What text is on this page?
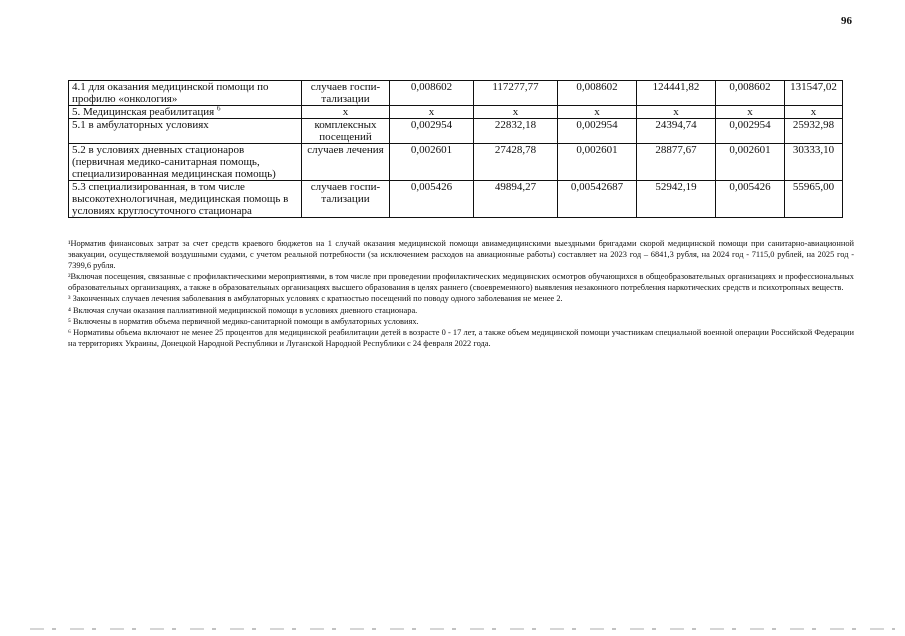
96
4.1 для оказания медицинской помощи по профилю «онкология»	случаев госпи-тализации	0,008602	117277,77	0,008602	124441,82	0,008602	131547,02
5. Медицинская реабилитация $^6$	х	х	х	х	х	х	х
5.1 в амбулаторных условиях	комплексных посещений	0,002954	22832,18	0,002954	24394,74	0,002954	25932,98
5.2 в условиях дневных стационаров (первичная медико-санитарная помощь, специализированная медицинская помощь)	случаев лечения	0,002601	27428,78	0,002601	28877,67	0,002601	30333,10
5.3 специализированная, в том числе высокотехнологичная, медицинская помощь в условиях круглосуточного стационара	случаев госпи-тализации	0,005426	49894,27	0,00542687	52942,19	0,005426	55965,00

¹Норматив финансовых затрат за счет средств краевого бюджетов на 1 случай оказания медицинской помощи авиамедицинскими выездными бригадами скорой медицинской помощи при санитарно-авиационной эвакуации, осуществляемой воздушными судами, с учетом реальной потребности (за исключением расходов на авиационные работы) составляет на 2023 год – 6841,3 рубля, на 2024 год - 7115,0 рублей, на 2025 год - 7399,6 рубля.

²Включая посещения, связанные с профилактическими мероприятиями, в том числе при проведении профилактических медицинских осмотров обучающихся в общеобразовательных организациях и профессиональных образовательных организациях, а также в образовательных организациях высшего образования в целях раннего (своевременного) выявления незаконного потребления наркотических средств и психотропных веществ.

³ Законченных случаев лечения заболевания в амбулаторных условиях с кратностью посещений по поводу одного заболевания не менее 2.

⁴ Включая случаи оказания паллиативной медицинской помощи в условиях дневного стационара.

⁵ Включены в норматив объема первичной медико-санитарной помощи в амбулаторных условиях.

⁶ Нормативы объема включают не менее 25 процентов для медицинской реабилитации детей в возрасте 0 - 17 лет, а также объем медицинской помощи участникам специальной военной операции Российской Федерации на территориях Украины, Донецкой Народной Республики и Луганской Народной Республики с 24 февраля 2022 года.
